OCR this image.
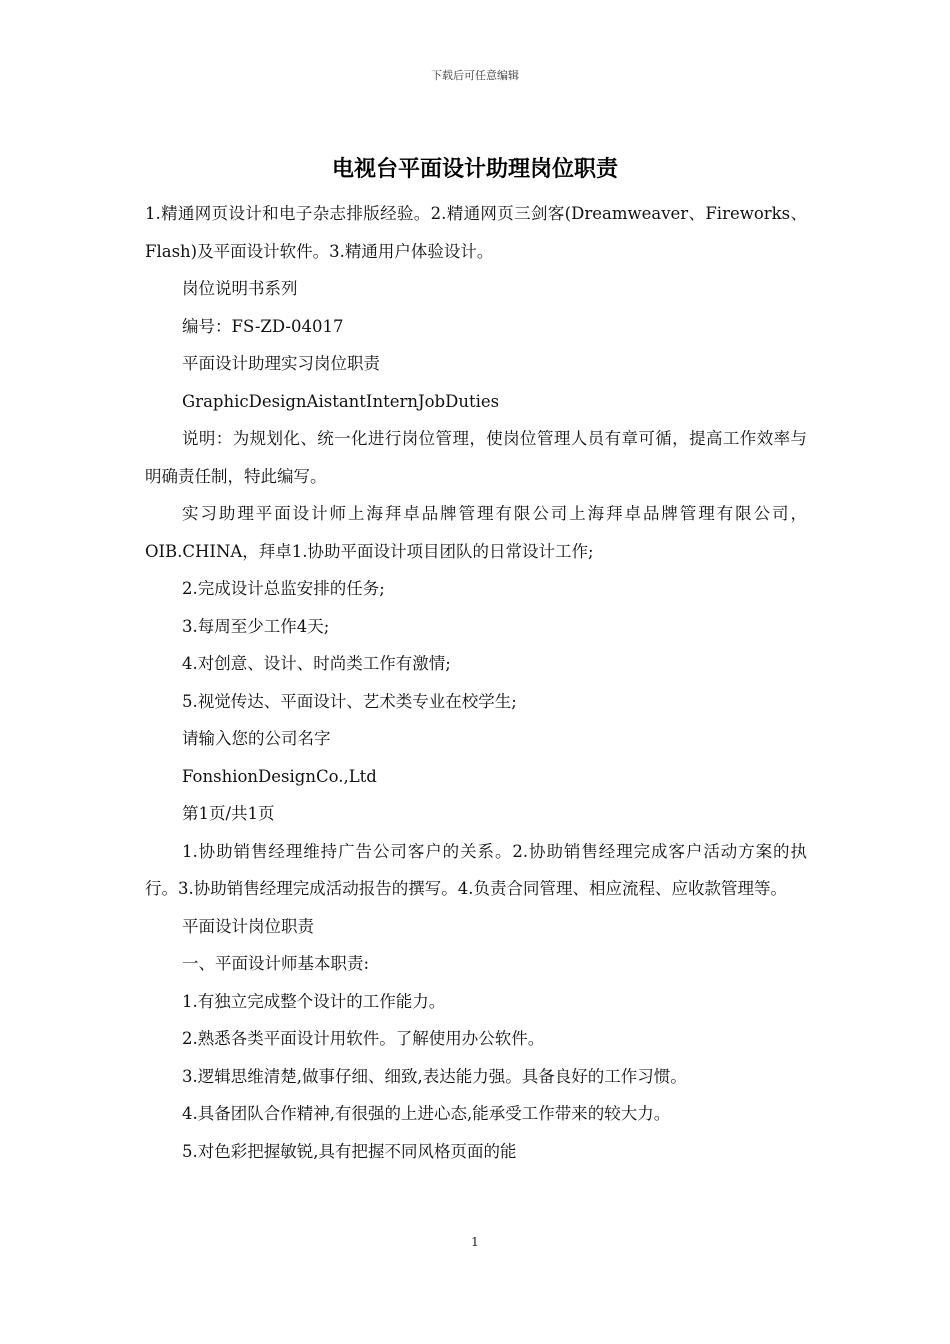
下载后可任意编辑
电视台平面设计助理岗位职责

1.精通网页设计和电子杂志排版经验。2.精通网页三剑客(Dreamweaver、Fireworks、Flash)及平面设计软件。3.精通用户体验设计。

岗位说明书系列

编号：FS-ZD-04017

平面设计助理实习岗位职责

GraphicDesignAistantInternJobDuties

说明：为规划化、统一化进行岗位管理，使岗位管理人员有章可循，提高工作效率与明确责任制，特此编写。

实习助理平面设计师上海拜卓品牌管理有限公司上海拜卓品牌管理有限公司，OIB.CHINA，拜卓1.协助平面设计项目团队的日常设计工作;

2.完成设计总监安排的任务;

3.每周至少工作4天;

4.对创意、设计、时尚类工作有激情;

5.视觉传达、平面设计、艺术类专业在校学生;

请输入您的公司名字

FonshionDesignCo.,Ltd

第1页/共1页

1.协助销售经理维持广告公司客户的关系。2.协助销售经理完成客户活动方案的执行。3.协助销售经理完成活动报告的撰写。4.负责合同管理、相应流程、应收款管理等。

平面设计岗位职责

一、平面设计师基本职责:

1.有独立完成整个设计的工作能力。

2.熟悉各类平面设计用软件。了解使用办公软件。

3.逻辑思维清楚,做事仔细、细致,表达能力强。具备良好的工作习惯。

4.具备团队合作精神,有很强的上进心态,能承受工作带来的较大力。

5.对色彩把握敏锐,具有把握不同风格页面的能

1
